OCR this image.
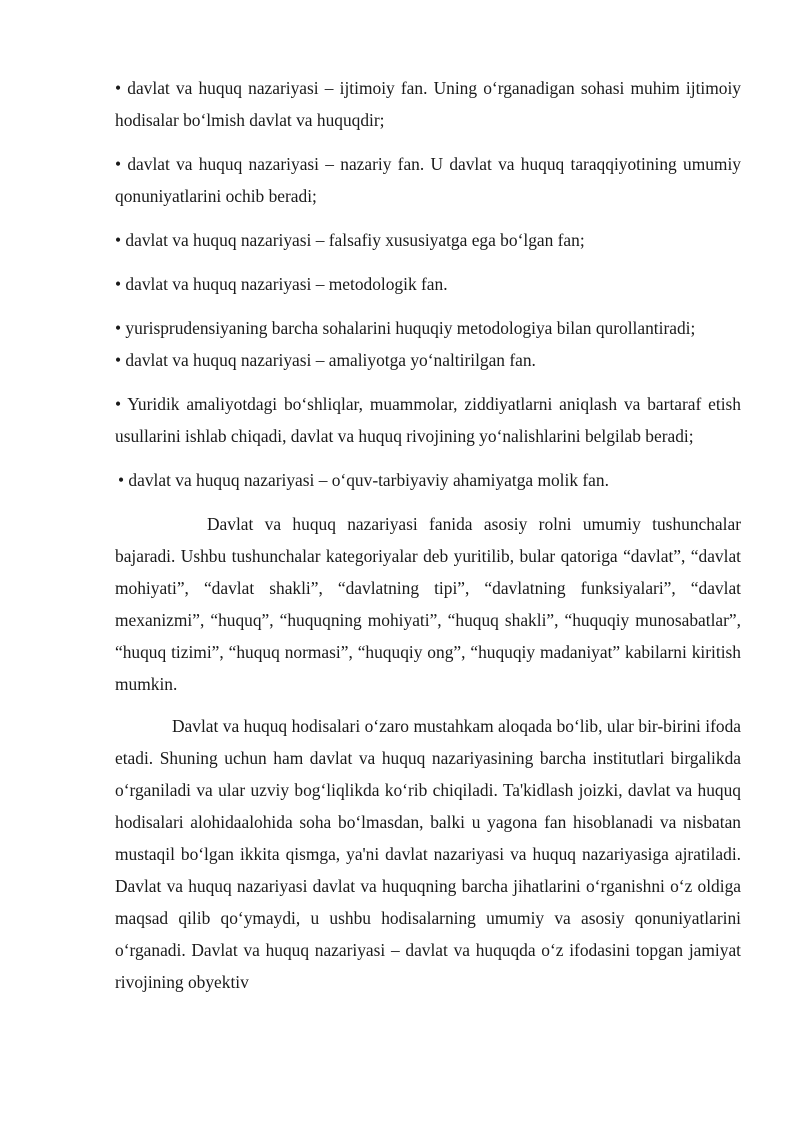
• davlat va huquq nazariyasi – ijtimoiy fan. Uning o‘rganadigan sohasi muhim ijtimoiy hodisalar bo‘lmish davlat va huquqdir;

• davlat va huquq nazariyasi – nazariy fan. U davlat va huquq taraqqiyotining umumiy qonuniyatlarini ochib beradi;

• davlat va huquq nazariyasi – falsafiy xususiyatga ega bo‘lgan fan;

• davlat va huquq nazariyasi – metodologik fan.

• yurisprudensiyaning barcha sohalarini huquqiy metodologiya bilan qurollantiradi;

• davlat va huquq nazariyasi – amaliyotga yo‘naltirilgan fan.

• Yuridik amaliyotdagi bo‘shliqlar, muammolar, ziddiyatlarni aniqlash va bartaraf etish usullarini ishlab chiqadi, davlat va huquq rivojining yo‘nalishlarini belgilab beradi;

• davlat va huquq nazariyasi – o‘quv-tarbiyaviy ahamiyatga molik fan.

Davlat va huquq nazariyasi fanida asosiy rolni umumiy tushunchalar bajaradi. Ushbu tushunchalar kategoriyalar deb yuritilib, bular qatoriga “davlat”, “davlat mohiyati”, “davlat shakli”, “davlatning tipi”, “davlatning funksiyalari”, “davlat mexanizmi”, “huquq”, “huquqning mohiyati”, “huquq shakli”, “huquqiy munosabatlar”, “huquq tizimi”, “huquq normasi”, “huquqiy ong”, “huquqiy madaniyat” kabilarni kiritish mumkin.

Davlat va huquq hodisalari o‘zaro mustahkam aloqada bo‘lib, ular bir-birini ifoda etadi. Shuning uchun ham davlat va huquq nazariyasining barcha institutlari birgalikda o‘rganiladi va ular uzviy bog‘liqlikda ko‘rib chiqiladi. Ta'kidlash joizki, davlat va huquq hodisalari alohidaalohida soha bo‘lmasdan, balki u yagona fan hisoblanadi va nisbatan mustaqil bo‘lgan ikkita qismga, ya'ni davlat nazariyasi va huquq nazariyasiga ajratiladi. Davlat va huquq nazariyasi davlat va huquqning barcha jihatlarini o‘rganishni o‘z oldiga maqsad qilib qo‘ymaydi, u ushbu hodisalarning umumiy va asosiy qonuniyatlarini o‘rganadi. Davlat va huquq nazariyasi – davlat va huquqda o‘z ifodasini topgan jamiyat rivojining obyektiv
